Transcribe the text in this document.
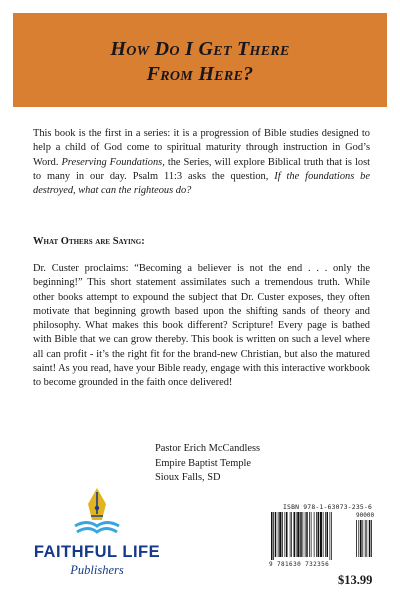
How Do I Get There
From Here?
This book is the first in a series: it is a progression of Bible studies designed to help a child of God come to spiritual maturity through instruction in God’s Word. Preserving Foundations, the Series, will explore Biblical truth that is lost to many in our day. Psalm 11:3 asks the question, If the foundations be destroyed, what can the righteous do?
What Others are Saying:
Dr. Custer proclaims: “Becoming a believer is not the end . . . only the beginning!” This short statement assimilates such a tremendous truth. While other books attempt to expound the subject that Dr. Custer exposes, they often motivate that beginning growth based upon the shifting sands of theory and philosophy. What makes this book different? Scripture! Every page is bathed with Bible that we can grow thereby. This book is written on such a level where all can profit - it’s the right fit for the brand-new Christian, but also the matured saint! As you read, have your Bible ready, engage with this interactive workbook to become grounded in the faith once delivered!
Pastor Erich McCandless
Empire Baptist Temple
Sioux Falls, SD
FAITHFUL LIFE
Publishers
ISBN 978-1-63073-235-6
90000
9 781630 732356
$13.99
